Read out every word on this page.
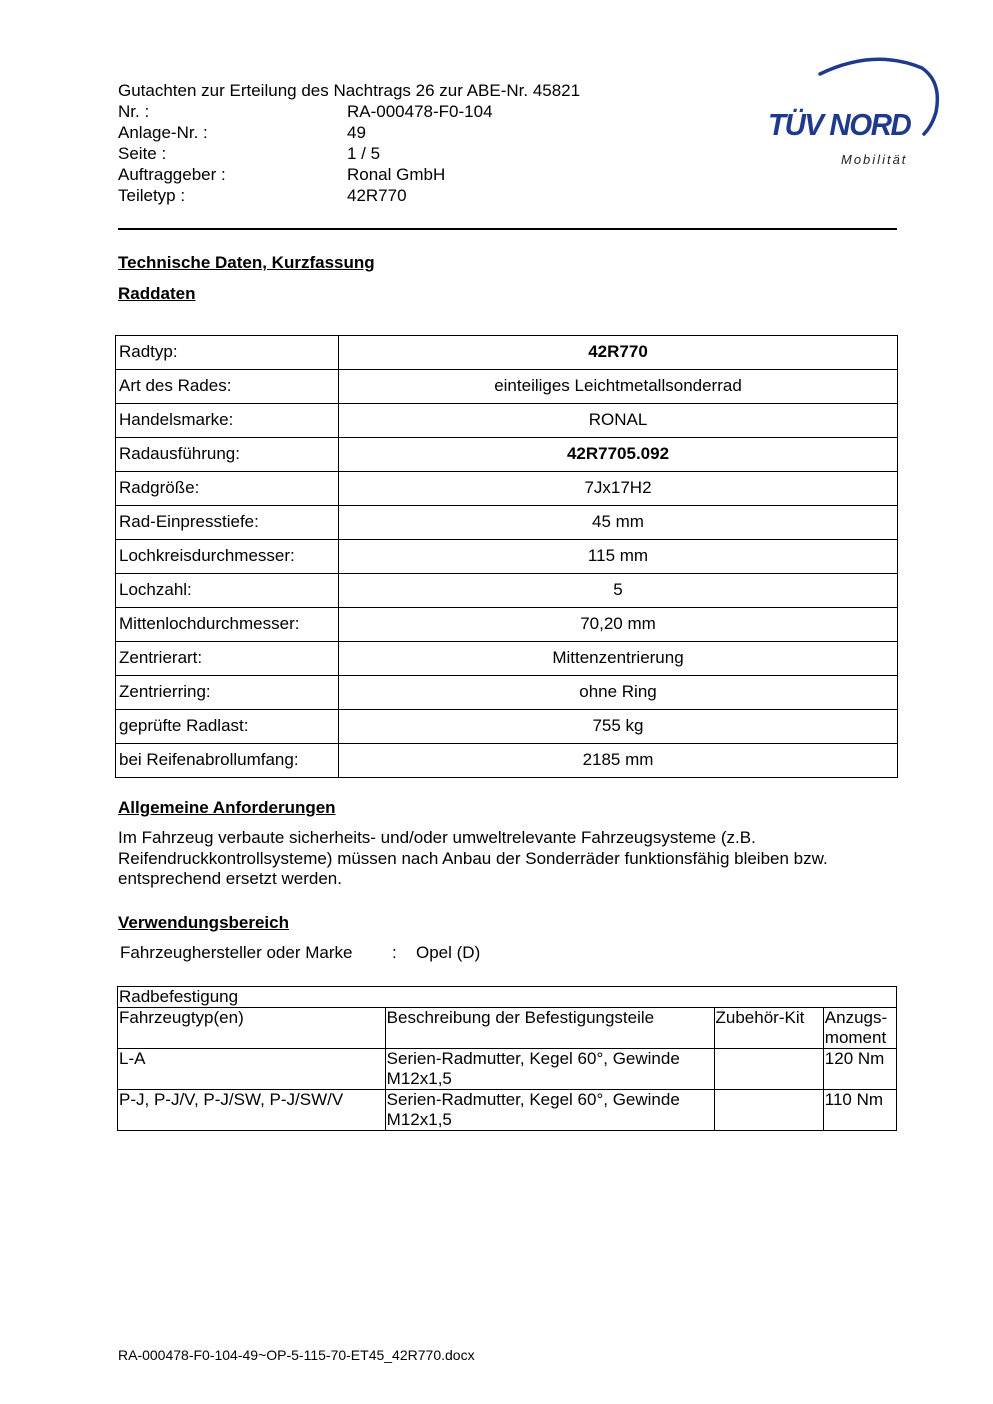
Gutachten zur Erteilung des Nachtrags 26 zur ABE-Nr. 45821
Nr. :	RA-000478-F0-104
Anlage-Nr. :	49
Seite :	1 / 5
Auftraggeber :	Ronal GmbH
Teiletyp :	42R770
TÜV NORD
Mobilität
Technische Daten, Kurzfassung
Raddaten
Radtyp:	42R770
Art des Rades:	einteiliges Leichtmetallsonderrad
Handelsmarke:	RONAL
Radausführung:	42R7705.092
Radgröße:	7Jx17H2
Rad-Einpresstiefe:	45 mm
Lochkreisdurchmesser:	115 mm
Lochzahl:	5
Mittenlochdurchmesser:	70,20 mm
Zentrierart:	Mittenzentrierung
Zentrierring:	ohne Ring
geprüfte Radlast:	755 kg
bei Reifenabrollumfang:	2185 mm
Allgemeine Anforderungen
Im Fahrzeug verbaute sicherheits- und/oder umweltrelevante Fahrzeugsysteme (z.B. Reifendruckkontrollsysteme) müssen nach Anbau der Sonderräder funktionsfähig bleiben bzw. entsprechend ersetzt werden.
Verwendungsbereich
Fahrzeughersteller oder Marke	:	Opel (D)
Radbefestigung			
Fahrzeugtyp(en)	Beschreibung der Befestigungsteile	Zubehör-Kit	Anzugs-moment
L-A	Serien-Radmutter, Kegel 60°, Gewinde M12x1,5		120 Nm
P-J, P-J/V, P-J/SW, P-J/SW/V	Serien-Radmutter, Kegel 60°, Gewinde M12x1,5		110 Nm
RA-000478-F0-104-49~OP-5-115-70-ET45_42R770.docx
